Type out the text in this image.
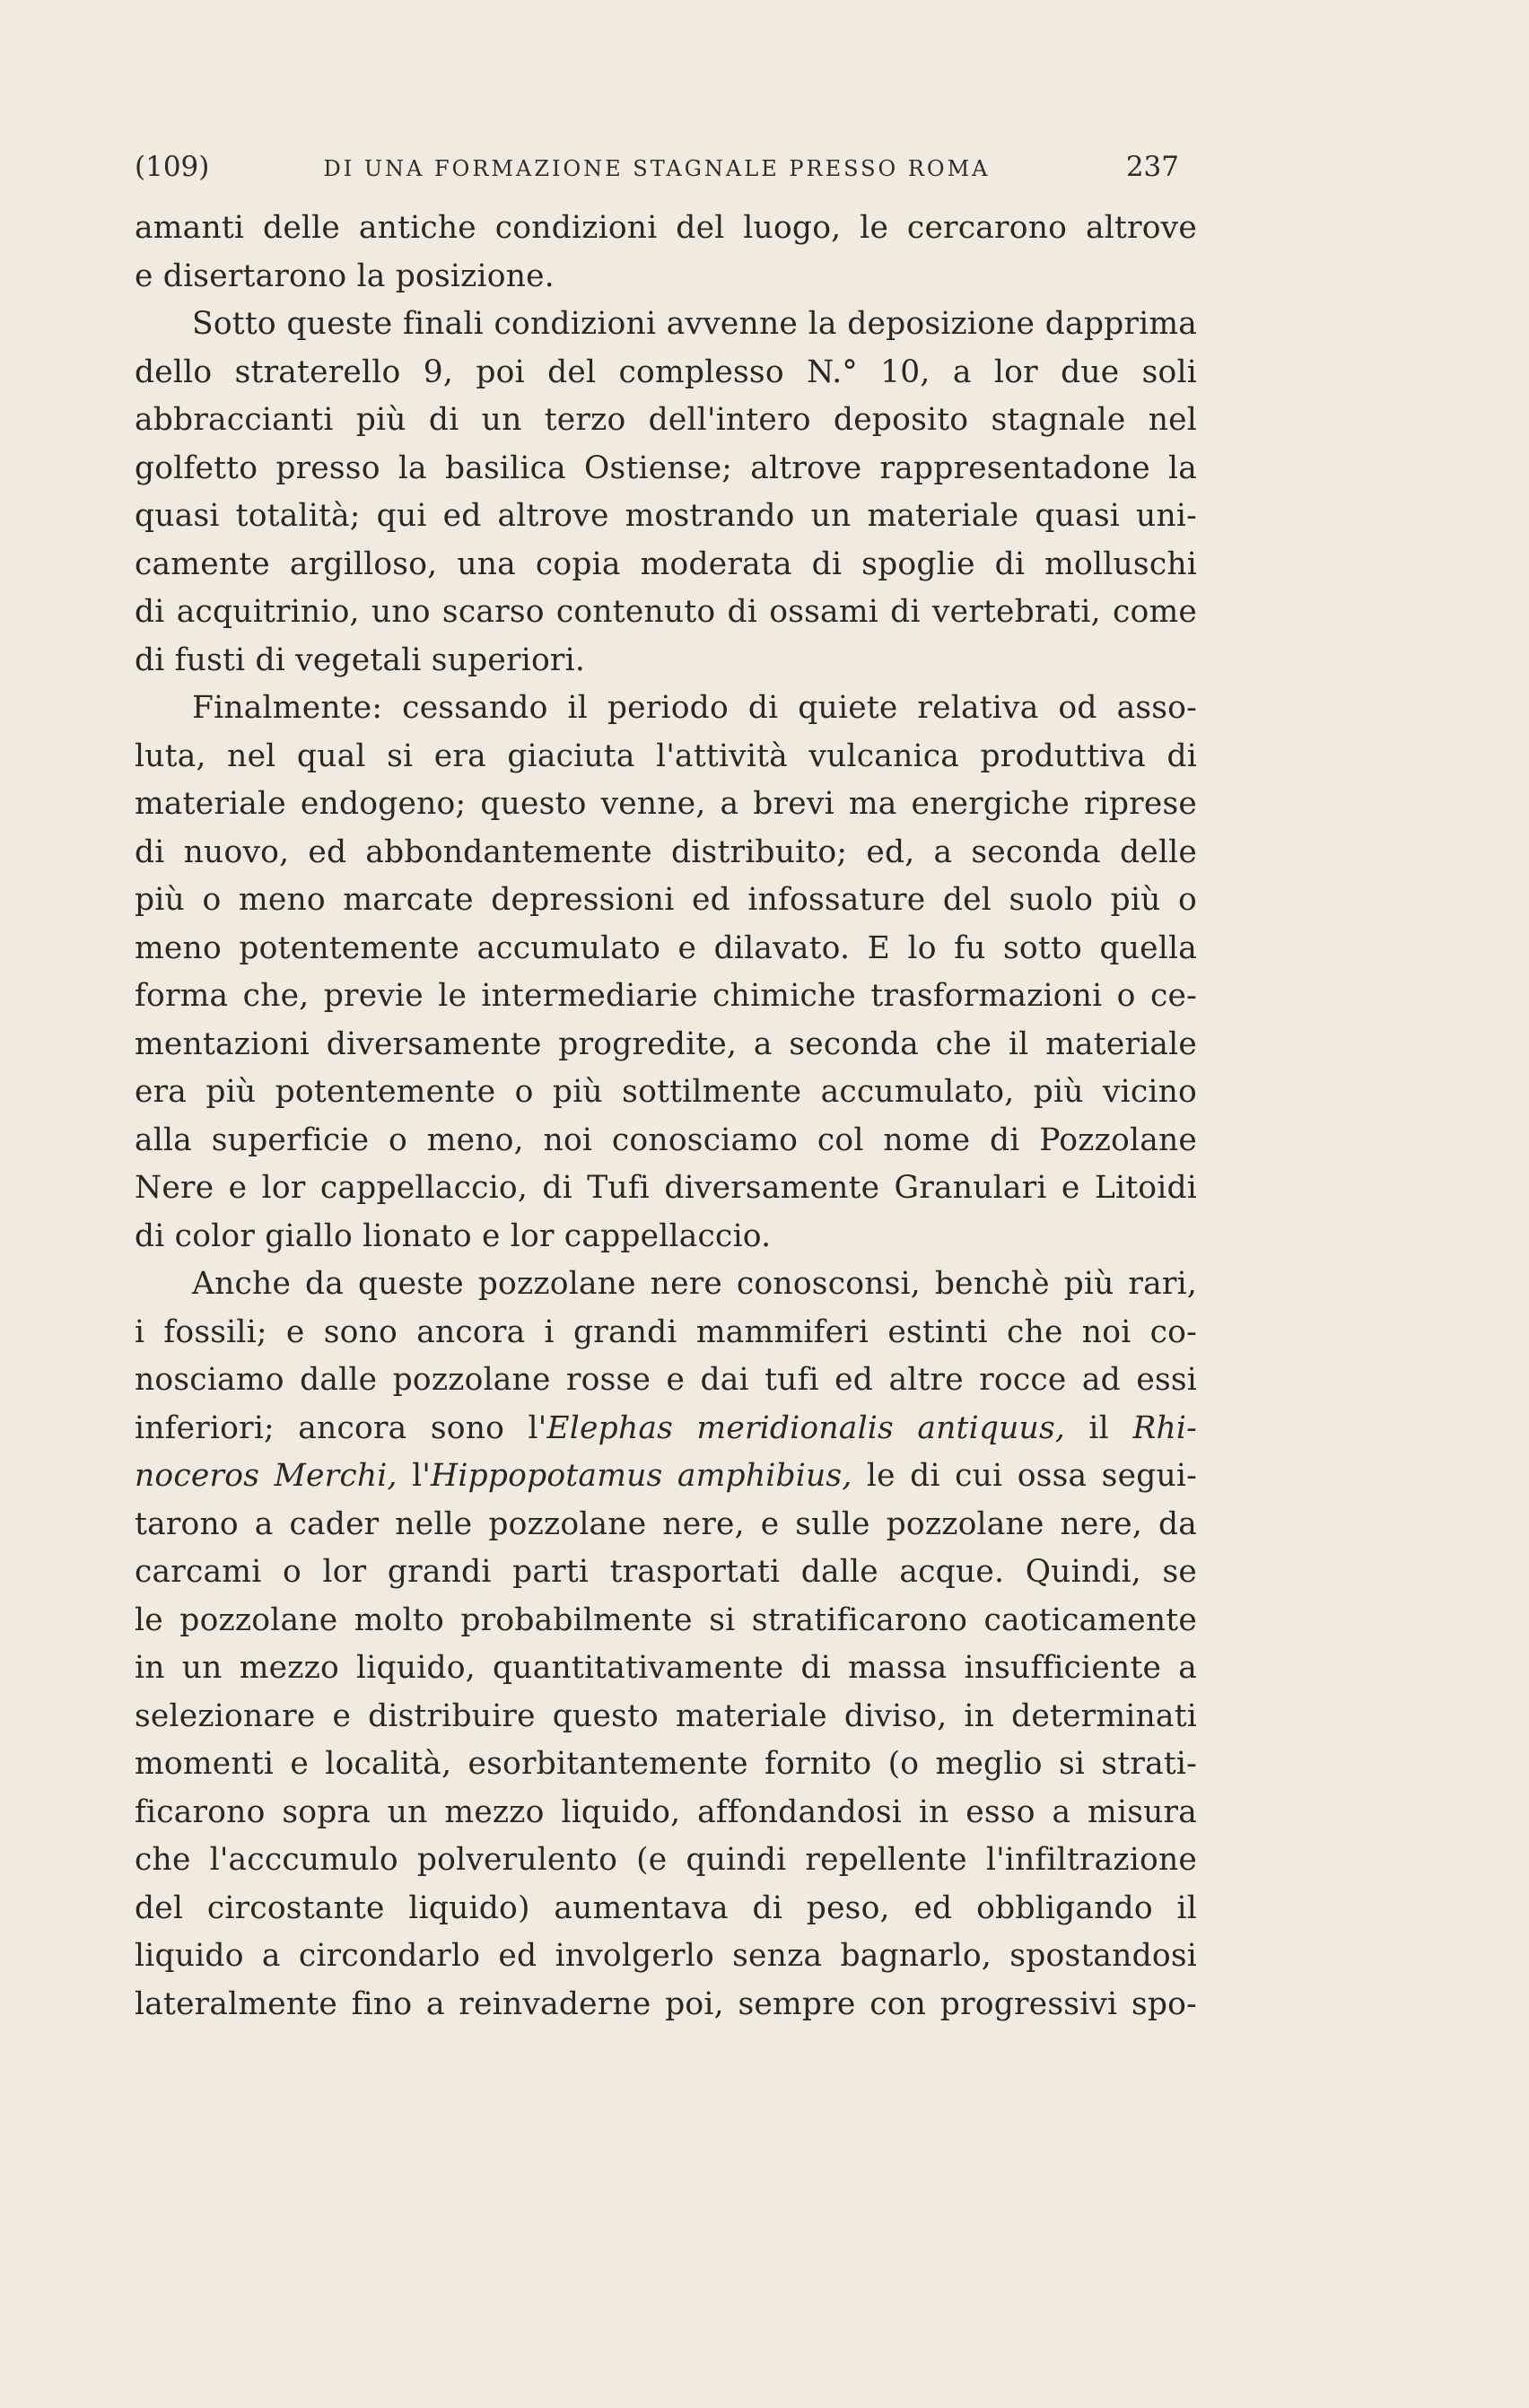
(109)	DI UNA FORMAZIONE STAGNALE PRESSO ROMA	237
amanti delle antiche condizioni del luogo, le cercarono altrove
e disertarono la posizione.
Sotto queste finali condizioni avvenne la deposizione dapprima
dello straterello 9, poi del complesso N.° 10, a lor due soli
abbraccianti più di un terzo dell'intero deposito stagnale nel
golfetto presso la basilica Ostiense; altrove rappresentadone la
quasi totalità; qui ed altrove mostrando un materiale quasi uni-
camente argilloso, una copia moderata di spoglie di molluschi
di acquitrinio, uno scarso contenuto di ossami di vertebrati, come
di fusti di vegetali superiori.
Finalmente: cessando il periodo di quiete relativa od asso-
luta, nel qual si era giaciuta l'attività vulcanica produttiva di
materiale endogeno; questo venne, a brevi ma energiche riprese
di nuovo, ed abbondantemente distribuito; ed, a seconda delle
più o meno marcate depressioni ed infossature del suolo più o
meno potentemente accumulato e dilavato. E lo fu sotto quella
forma che, previe le intermediarie chimiche trasformazioni o ce-
mentazioni diversamente progredite, a seconda che il materiale
era più potentemente o più sottilmente accumulato, più vicino
alla superficie o meno, noi conosciamo col nome di Pozzolane
Nere e lor cappellaccio, di Tufi diversamente Granulari e Litoidi
di color giallo lionato e lor cappellaccio.
Anche da queste pozzolane nere conosconsi, benchè più rari,
i fossili; e sono ancora i grandi mammiferi estinti che noi co-
nosciamo dalle pozzolane rosse e dai tufi ed altre rocce ad essi
inferiori; ancora sono l'Elephas meridionalis antiquus, il Rhi-
noceros Merchi, l'Hippopotamus amphibius, le di cui ossa segui-
tarono a cader nelle pozzolane nere, e sulle pozzolane nere, da
carcami o lor grandi parti trasportati dalle acque. Quindi, se
le pozzolane molto probabilmente si stratificarono caoticamente
in un mezzo liquido, quantitativamente di massa insufficiente a
selezionare e distribuire questo materiale diviso, in determinati
momenti e località, esorbitantemente fornito (o meglio si strati-
ficarono sopra un mezzo liquido, affondandosi in esso a misura
che l'acccumulo polverulento (e quindi repellente l'infiltrazione
del circostante liquido) aumentava di peso, ed obbligando il
liquido a circondarlo ed involgerlo senza bagnarlo, spostandosi
lateralmente fino a reinvaderne poi, sempre con progressivi spo-
